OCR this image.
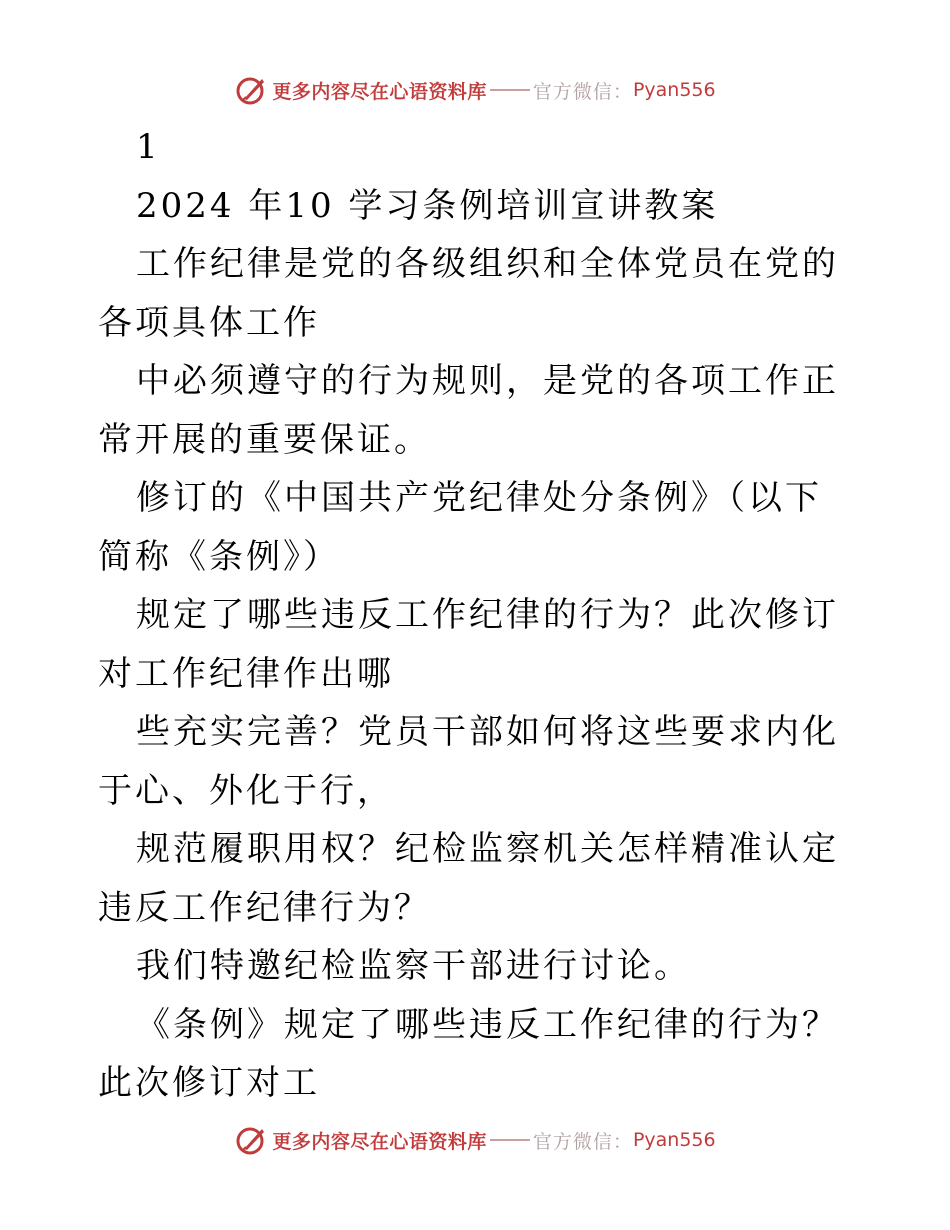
更多内容尽在心语资料库 官方微信： Pyan556

1

2024 年10 学习条例培训宣讲教案

工作纪律是党的各级组织和全体党员在党的各项具体工作

中必须遵守的行为规则，是党的各项工作正常开展的重要保证。

修订的《中国共产党纪律处分条例》（以下简称《条例》）

规定了哪些违反工作纪律的行为？此次修订对工作纪律作出哪

些充实完善？党员干部如何将这些要求内化于心、外化于行，

规范履职用权？纪检监察机关怎样精准认定违反工作纪律行为？

我们特邀纪检监察干部进行讨论。

《条例》规定了哪些违反工作纪律的行为？此次修订对工

更多内容尽在心语资料库 官方微信： Pyan556
